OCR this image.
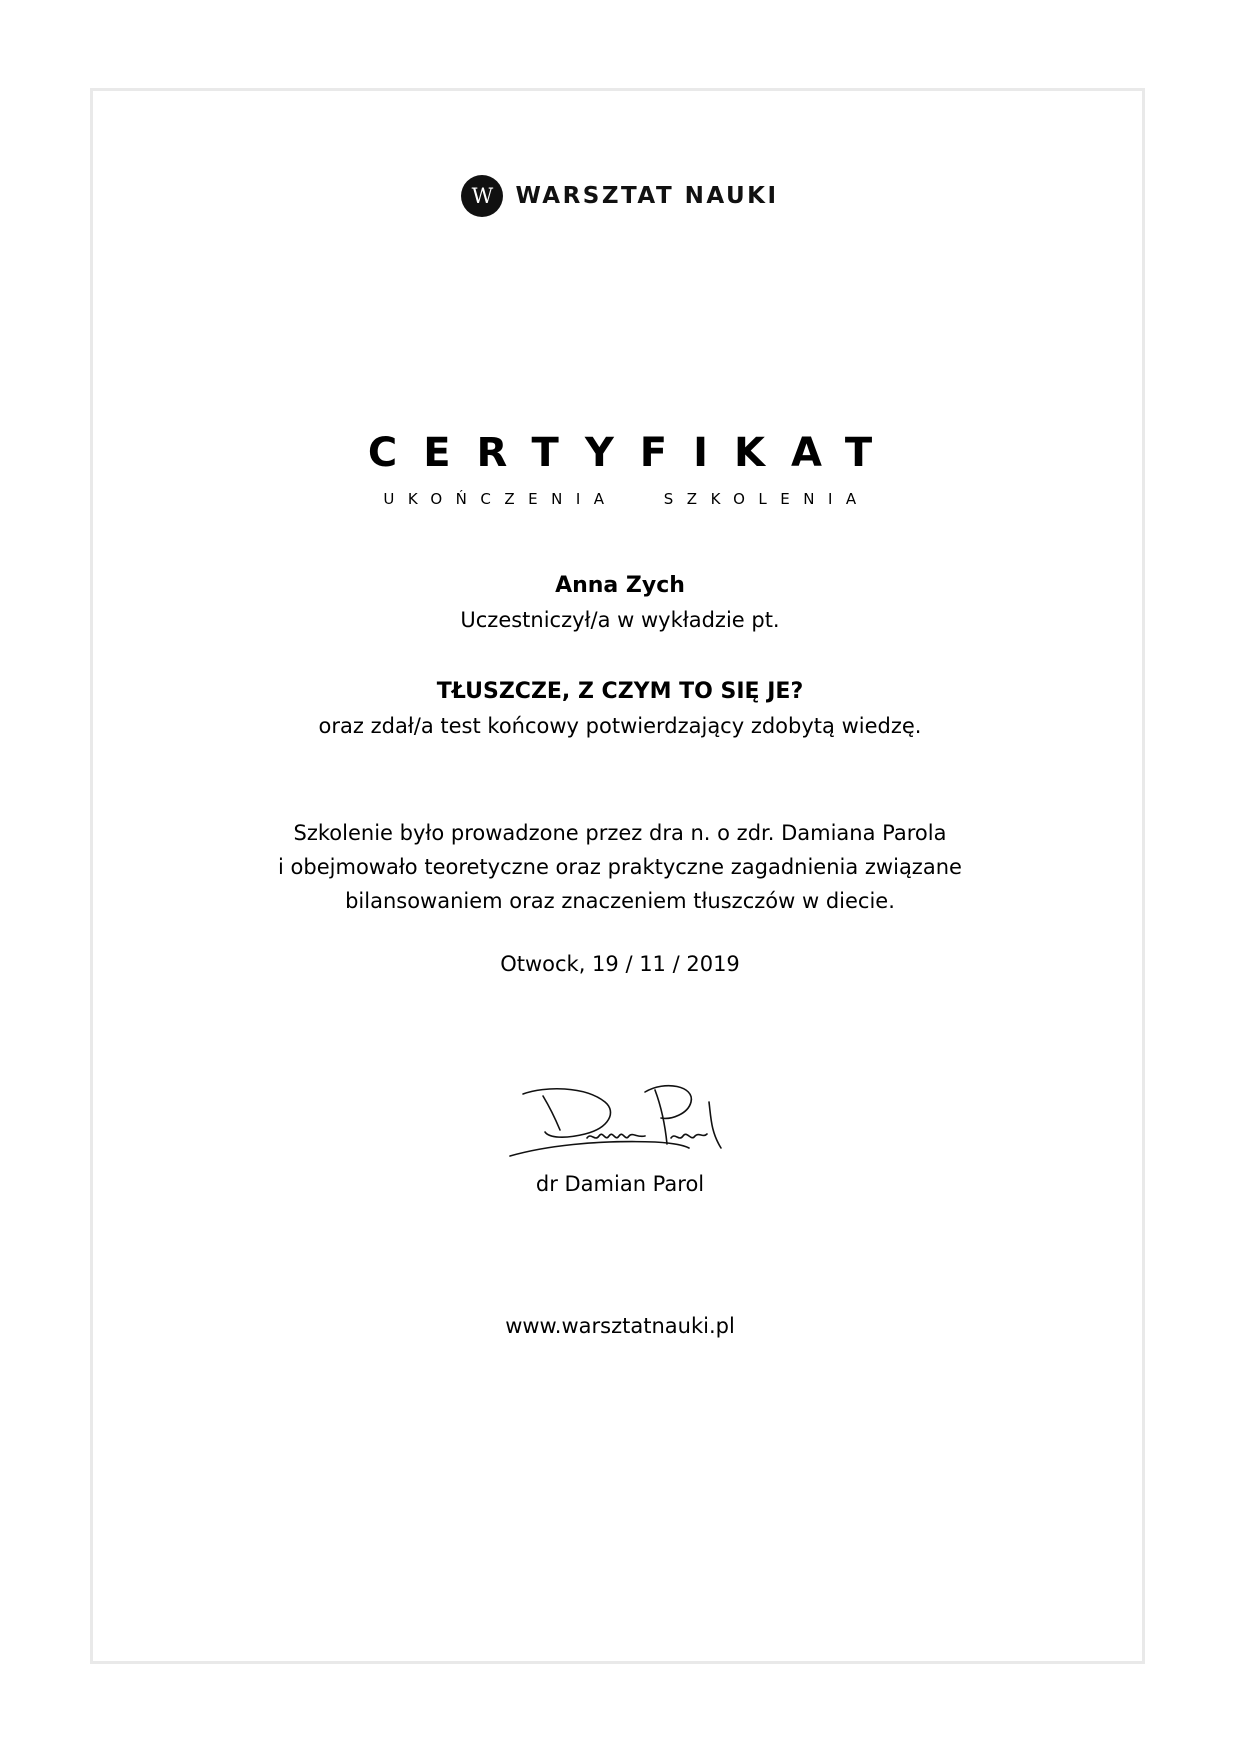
W WARSZTAT NAUKI
CERTYFIKAT
UKOŃCZENIA SZKOLENIA
Anna Zych
Uczestniczył/a w wykładzie pt.
TŁUSZCZE, Z CZYM TO SIĘ JE?
oraz zdał/a test końcowy potwierdzający zdobytą wiedzę.
Szkolenie było prowadzone przez dra n. o zdr. Damiana Parola
i obejmowało teoretyczne oraz praktyczne zagadnienia związane
bilansowaniem oraz znaczeniem tłuszczów w diecie.
Otwock, 19 / 11 / 2019
dr Damian Parol
www.warsztatnauki.pl
